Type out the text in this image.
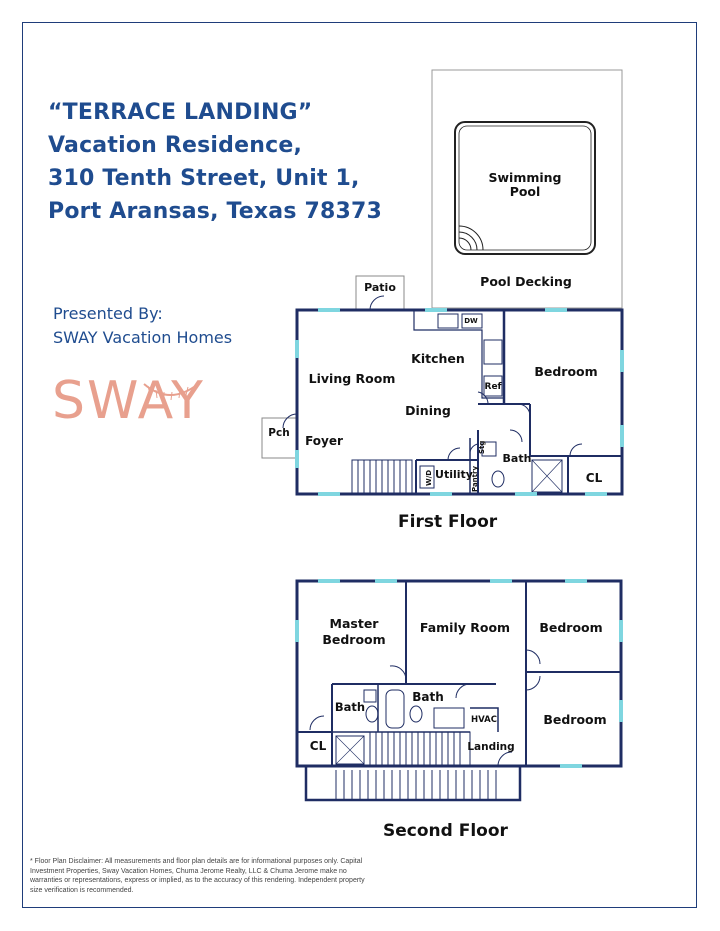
“TERRACE LANDING”
Vacation Residence,
310 Tenth Street, Unit 1,
Port Aransas, Texas 78373
Presented By:
SWAY Vacation Homes
SWAY
Swimming
Pool
Pool Decking
Patio
Kitchen
Living Room	Bedroom
Dining
Foyer
Bath
CL
Utility
Pch
Ref
DW
W/D	Pantry
Stg
First Floor
Master
Bedroom
Family Room Bedroom
Bedroom
Bath
Bath
HVAC
CL	Landing
Second Floor
* Floor Plan Disclaimer: All measurements and floor plan details are for informational purposes only. Capital Investment Properties, Sway Vacation Homes, Chuma Jerome Realty, LLC & Chuma Jerome make no warranties or representations, express or implied, as to the accuracy of this rendering. Independent property size verification is recommended.
